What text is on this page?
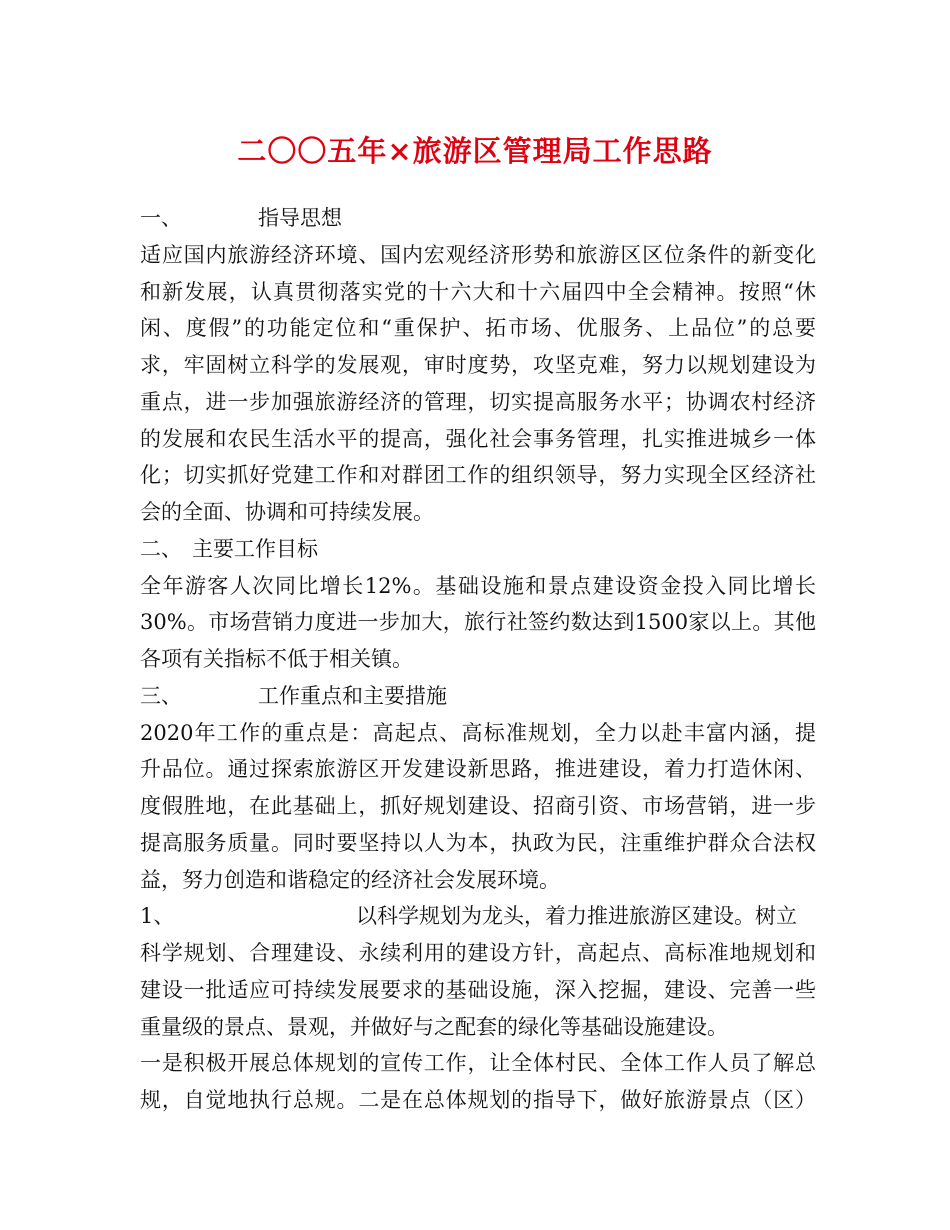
二〇〇五年×旅游区管理局工作思路
一、	指导思想
适应国内旅游经济环境、国内宏观经济形势和旅游区区位条件的新变化
和新发展，认真贯彻落实党的十六大和十六届四中全会精神。按照“休
闲、度假”的功能定位和“重保护、拓市场、优服务、上品位”的总要
求，牢固树立科学的发展观，审时度势，攻坚克难，努力以规划建设为
重点，进一步加强旅游经济的管理，切实提高服务水平；协调农村经济
的发展和农民生活水平的提高，强化社会事务管理，扎实推进城乡一体
化；切实抓好党建工作和对群团工作的组织领导，努力实现全区经济社
会的全面、协调和可持续发展。
二、 主要工作目标
全年游客人次同比增长12%。基础设施和景点建设资金投入同比增长
30%。市场营销力度进一步加大，旅行社签约数达到1500家以上。其他
各项有关指标不低于相关镇。
三、	工作重点和主要措施
2020年工作的重点是：高起点、高标准规划，全力以赴丰富内涵，提
升品位。通过探索旅游区开发建设新思路，推进建设，着力打造休闲、
度假胜地，在此基础上，抓好规划建设、招商引资、市场营销，进一步
提高服务质量。同时要坚持以人为本，执政为民，注重维护群众合法权
益，努力创造和谐稳定的经济社会发展环境。
1、	以科学规划为龙头，着力推进旅游区建设。树立
科学规划、合理建设、永续利用的建设方针，高起点、高标准地规划和
建设一批适应可持续发展要求的基础设施，深入挖掘，建设、完善一些
重量级的景点、景观，并做好与之配套的绿化等基础设施建设。
一是积极开展总体规划的宣传工作，让全体村民、全体工作人员了解总
规，自觉地执行总规。二是在总体规划的指导下，做好旅游景点（区）
